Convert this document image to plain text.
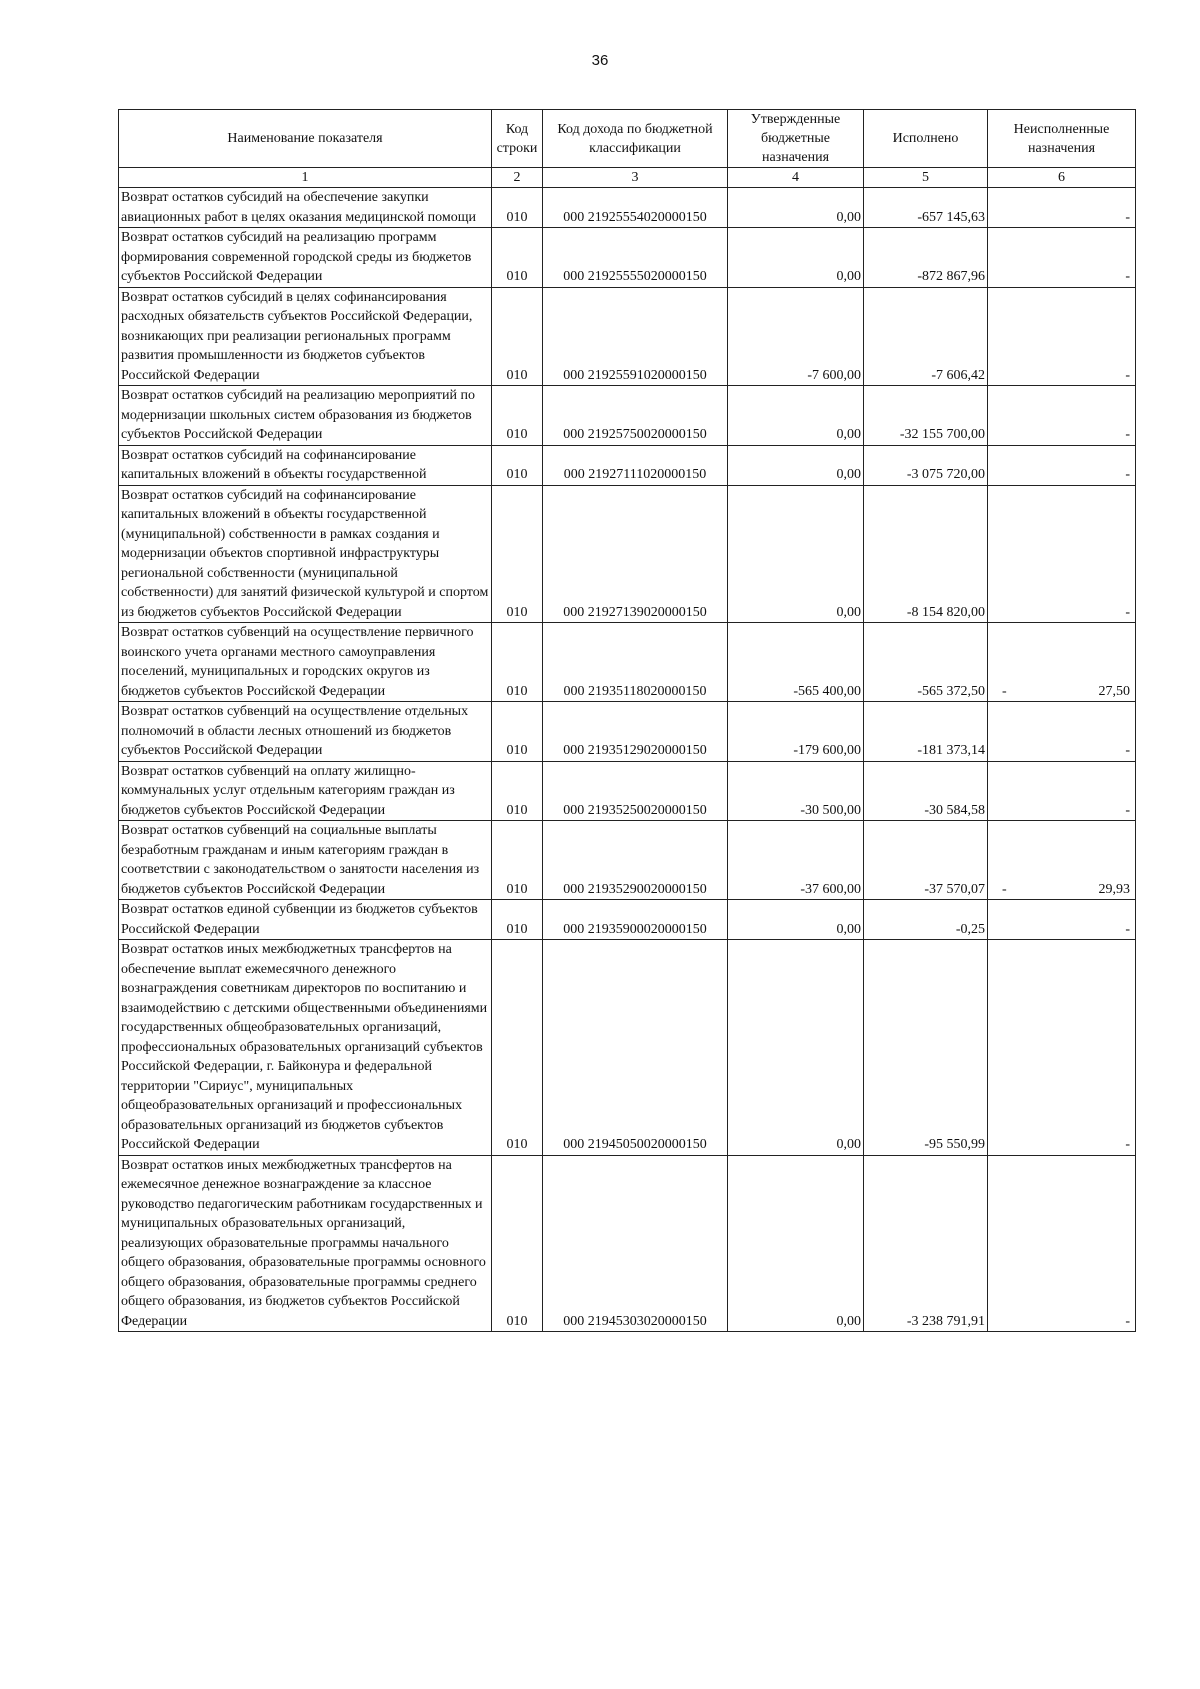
36
Наименование показателя	Код строки	Код дохода по бюджетной классификации	Утвержденные бюджетные назначения	Исполнено	Неисполненные назначения
1	2	3	4	5	6
Возврат остатков субсидий на обеспечение закупки авиационных работ в целях оказания медицинской помощи	010	000 21925554020000150	0,00	-657 145,63	-

Возврат остатков субсидий на реализацию программ формирования современной городской среды из бюджетов субъектов Российской Федерации	010	000 21925555020000150	0,00	-872 867,96	-

Возврат остатков субсидий в целях софинансирования расходных обязательств субъектов Российской Федерации, возникающих при реализации региональных программ развития промышленности из бюджетов субъектов Российской Федерации	010	000 21925591020000150	-7 600,00	-7 606,42	-

Возврат остатков субсидий на реализацию мероприятий по модернизации школьных систем образования из бюджетов субъектов Российской Федерации	010	000 21925750020000150	0,00	-32 155 700,00	-

Возврат остатков субсидий на софинансирование капитальных вложений в объекты государственной	010	000 21927111020000150	0,00	-3 075 720,00	-

Возврат остатков субсидий на софинансирование капитальных вложений в объекты государственной (муниципальной) собственности в рамках создания и модернизации объектов спортивной инфраструктуры региональной собственности (муниципальной собственности) для занятий физической культурой и спортом из бюджетов субъектов Российской Федерации	010	000 21927139020000150	0,00	-8 154 820,00	-

Возврат остатков субвенций на осуществление первичного воинского учета органами местного самоуправления поселений, муниципальных и городских округов из бюджетов субъектов Российской Федерации	010	000 21935118020000150	-565 400,00	-565 372,50	- 27,50

Возврат остатков субвенций на осуществление отдельных полномочий в области лесных отношений из бюджетов субъектов Российской Федерации	010	000 21935129020000150	-179 600,00	-181 373,14	-

Возврат остатков субвенций на оплату жилищно-коммунальных услуг отдельным категориям граждан из бюджетов субъектов Российской Федерации	010	000 21935250020000150	-30 500,00	-30 584,58	-

Возврат остатков субвенций на социальные выплаты безработным гражданам и иным категориям граждан в соответствии с законодательством о занятости населения из бюджетов субъектов Российской Федерации	010	000 21935290020000150	-37 600,00	-37 570,07	- 29,93

Возврат остатков единой субвенции из бюджетов субъектов Российской Федерации	010	000 21935900020000150	0,00	-0,25	-

Возврат остатков иных межбюджетных трансфертов на обеспечение выплат ежемесячного денежного вознаграждения советникам директоров по воспитанию и взаимодействию с детскими общественными объединениями государственных общеобразовательных организаций, профессиональных образовательных организаций субъектов Российской Федерации, г. Байконура и федеральной территории "Сириус", муниципальных общеобразовательных организаций и профессиональных образовательных организаций из бюджетов субъектов Российской Федерации	010	000 21945050020000150	0,00	-95 550,99	-

Возврат остатков иных межбюджетных трансфертов на ежемесячное денежное вознаграждение за классное руководство педагогическим работникам государственных и муниципальных образовательных организаций, реализующих образовательные программы начального общего образования, образовательные программы основного общего образования, образовательные программы среднего общего образования, из бюджетов субъектов Российской Федерации	010	000 21945303020000150	0,00	-3 238 791,91	-
